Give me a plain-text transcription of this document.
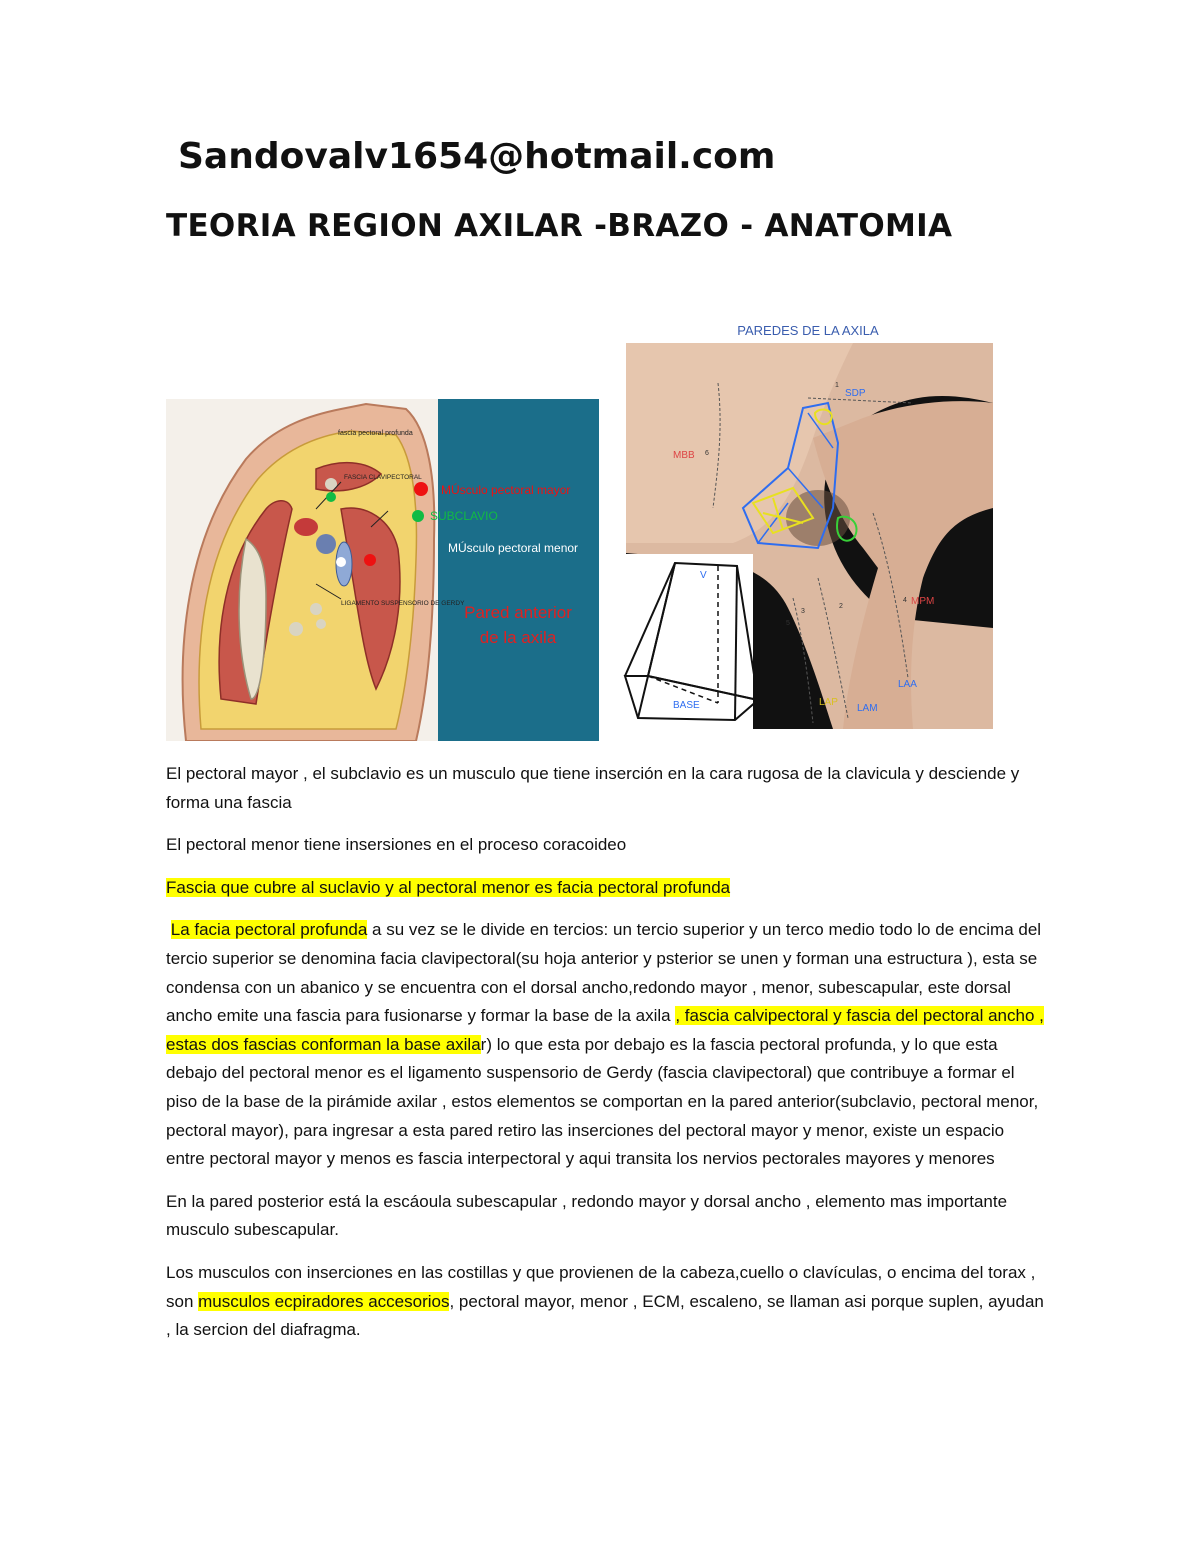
Sandovalv1654@hotmail.com
TEORIA REGION AXILAR -BRAZO - ANATOMIA
fascia pectoral profunda
FASCIA CLAVIPECTORAL
LIGAMENTO SUSPENSORIO DE GERDY
MÚsculo pectoral mayor
SUBCLAVIO
MÚsculo pectoral menor
Pared anterior
de la axila
PAREDES DE LA AXILA
SDP
MBB
MPM
LAA
LAP
LAM
1
2
3
4
5
6
V
BASE

El pectoral mayor , el subclavio es un musculo que tiene inserción en la cara rugosa de la clavicula y desciende y forma una fascia

El pectoral menor tiene insersiones en el proceso coracoideo

Fascia que cubre al suclavio y al pectoral menor es facia pectoral profunda

La facia pectoral profunda a su vez se le divide en tercios: un tercio superior y un terco medio todo lo de encima del tercio superior se denomina facia clavipectoral(su hoja anterior y psterior se unen y forman una estructura ), esta se condensa con un abanico y se encuentra con el dorsal ancho,redondo mayor , menor, subescapular, este dorsal ancho emite una fascia para fusionarse y formar la base de la axila , fascia calvipectoral y fascia del pectoral ancho , estas dos fascias conforman la base axilar) lo que esta por debajo es la fascia pectoral profunda, y lo que esta debajo del pectoral menor es el ligamento suspensorio de Gerdy (fascia clavipectoral) que contribuye a formar el piso de la base de la pirámide axilar , estos elementos se comportan en la pared anterior(subclavio, pectoral menor, pectoral mayor), para ingresar a esta pared retiro las inserciones del pectoral mayor y menor, existe un espacio entre pectoral mayor y menos es fascia interpectoral y aqui transita los nervios pectorales mayores y menores

En la pared posterior está la escáoula subescapular , redondo mayor y dorsal ancho , elemento mas importante musculo subescapular.

Los musculos con inserciones en las costillas y que provienen de la cabeza,cuello o clavículas, o encima del torax , son musculos ecpiradores accesorios, pectoral mayor, menor , ECM, escaleno, se llaman asi porque suplen, ayudan , la sercion del diafragma.
